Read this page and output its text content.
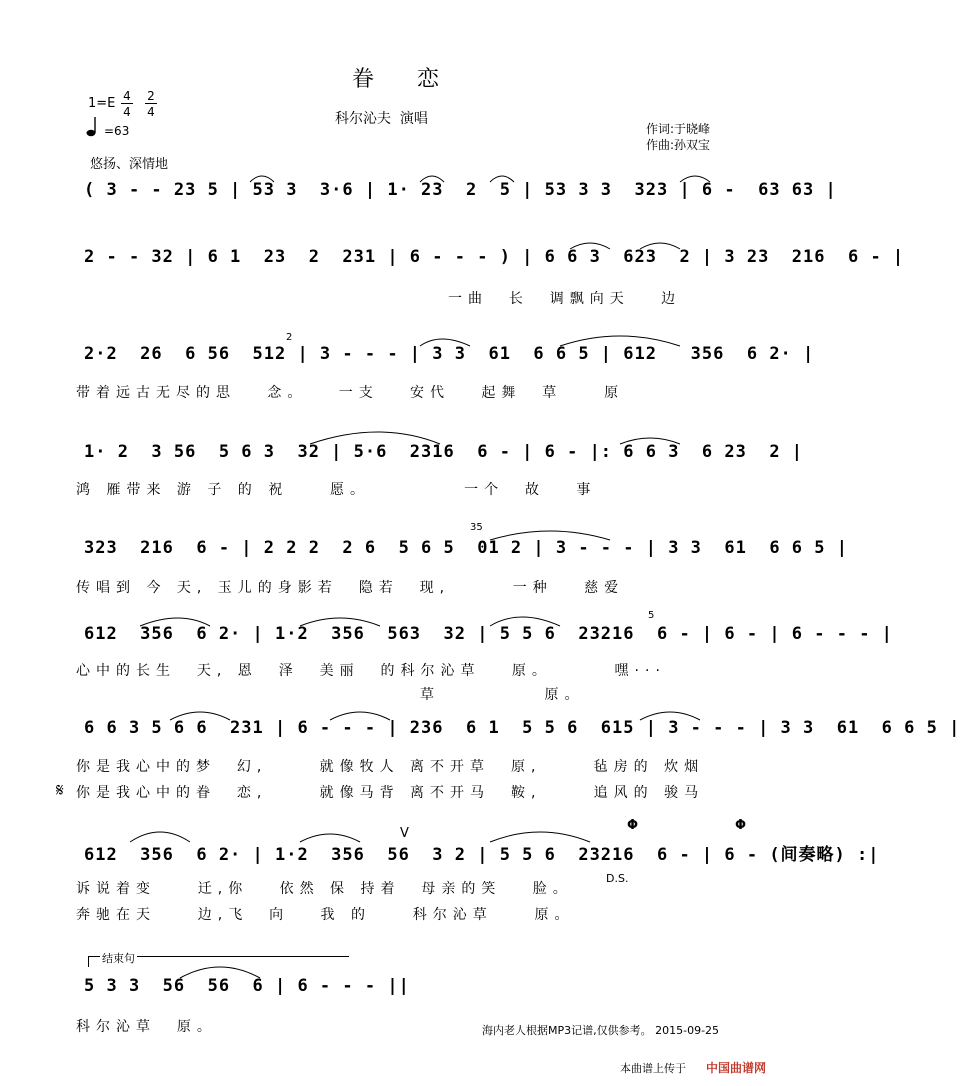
眷 恋
科尔沁夫  演唱
1=E 4
4
2
4
=63	作词:于晓峰
作曲:孙双宝
悠扬、深情地
( 3 - - 23 5 | 53 3  3·6 | 1· 23  2  5 | 53 3 3  323 | 6 -  63 63 |
2 - - 32 | 6 1  23  2  231 | 6 - - - ) | 6 6 3  623  2 | 3 23  216  6 - |
一曲  长  调飘向天   边
2·2  26  6 56  512 | 3 - - - | 3 3  61  6 6 5 | 612   356  6 2· |
带着远古无尽的思   念。   一支   安代   起舞  草    原
2
1· 2  3 56  5 6 3  32 | 5·6  2316  6 - | 6 - |: 6 6 3  6 23  2 |
鸿 雁带来 游 子 的 祝    愿。         一个  故   事
323  216  6 - | 2 2 2  2 6  5 6 5  01 2 | 3 - - - | 3 3  61  6 6 5 |
传唱到 今 天, 玉儿的身影若  隐若  现,      一种   慈爱
35
612  356  6 2· | 1·2  356  563  32 | 5 5 6  23216  6 - | 6 - | 6 - - - |
心中的长生  天, 恩  泽  美丽  的科尔沁草   原。      嘿···
草          原。
5
6 6 3 5 6 6  231 | 6 - - - | 236  6 1  5 5 6  615 | 3 - - - | 3 3  61  6 6 5 |
你是我心中的梦  幻,     就像牧人 离不开草  原,     毡房的 炊烟
𝄋 你是我心中的眷  恋,     就像马背 离不开马  鞍,     追风的 骏马
V
Φ	Φ
612  356  6 2· | 1·2  356  56  3 2 | 5 5 6  23216  6 - | 6 - (间奏略) :|
诉说着变    迁,你   依然 保 持着  母亲的笑   脸。
D.S.
奔驰在天    边,飞  向   我 的    科尔沁草    原。
结束句
5 3 3  56  56  6 | 6 - - - ||
科尔沁草  原。	海内老人根据MP3记谱,仅供参考。 2015-09-25
本曲谱上传于 中国曲谱网
